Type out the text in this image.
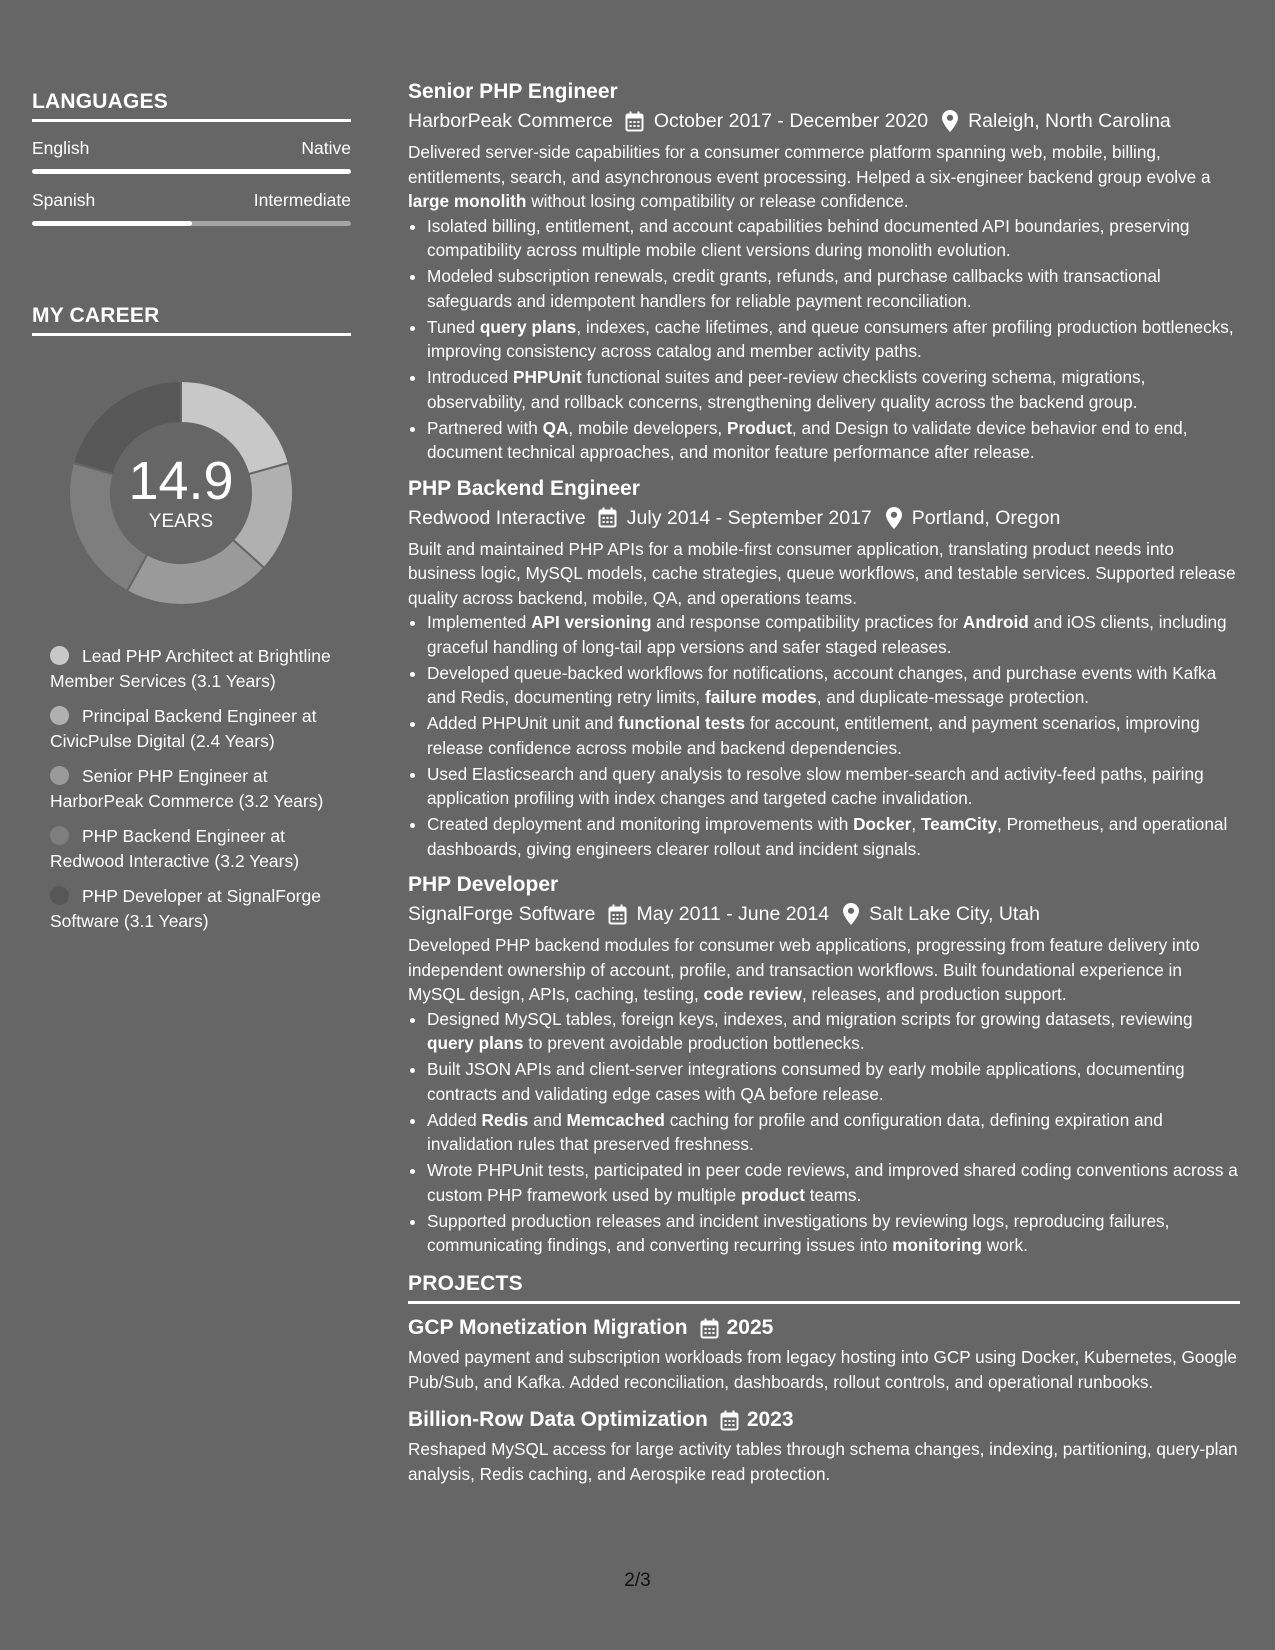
LANGUAGES
English	Native
Spanish	Intermediate
MY CAREER
14.9
YEARS
Lead PHP Architect at Brightline Member Services (3.1 Years)
Principal Backend Engineer at CivicPulse Digital (2.4 Years)
Senior PHP Engineer at HarborPeak Commerce (3.2 Years)
PHP Backend Engineer at Redwood Interactive (3.2 Years)
PHP Developer at SignalForge Software (3.1 Years)
Senior PHP Engineer
HarborPeak Commerce October 2017 - December 2020 Raleigh, North Carolina

Delivered server-side capabilities for a consumer commerce platform spanning web, mobile, billing, entitlements, search, and asynchronous event processing. Helped a six-engineer backend group evolve a large monolith without losing compatibility or release confidence.

• Isolated billing, entitlement, and account capabilities behind documented API boundaries, preserving compatibility across multiple mobile client versions during monolith evolution.
• Modeled subscription renewals, credit grants, refunds, and purchase callbacks with transactional safeguards and idempotent handlers for reliable payment reconciliation.
• Tuned query plans, indexes, cache lifetimes, and queue consumers after profiling production bottlenecks, improving consistency across catalog and member activity paths.
• Introduced PHPUnit functional suites and peer-review checklists covering schema, migrations, observability, and rollback concerns, strengthening delivery quality across the backend group.
• Partnered with QA, mobile developers, Product, and Design to validate device behavior end to end, document technical approaches, and monitor feature performance after release.
PHP Backend Engineer
Redwood Interactive July 2014 - September 2017 Portland, Oregon

Built and maintained PHP APIs for a mobile-first consumer application, translating product needs into business logic, MySQL models, cache strategies, queue workflows, and testable services. Supported release quality across backend, mobile, QA, and operations teams.

• Implemented API versioning and response compatibility practices for Android and iOS clients, including graceful handling of long-tail app versions and safer staged releases.
• Developed queue-backed workflows for notifications, account changes, and purchase events with Kafka and Redis, documenting retry limits, failure modes, and duplicate-message protection.
• Added PHPUnit unit and functional tests for account, entitlement, and payment scenarios, improving release confidence across mobile and backend dependencies.
• Used Elasticsearch and query analysis to resolve slow member-search and activity-feed paths, pairing application profiling with index changes and targeted cache invalidation.
• Created deployment and monitoring improvements with Docker, TeamCity, Prometheus, and operational dashboards, giving engineers clearer rollout and incident signals.
PHP Developer
SignalForge Software May 2011 - June 2014 Salt Lake City, Utah

Developed PHP backend modules for consumer web applications, progressing from feature delivery into independent ownership of account, profile, and transaction workflows. Built foundational experience in MySQL design, APIs, caching, testing, code review, releases, and production support.

• Designed MySQL tables, foreign keys, indexes, and migration scripts for growing datasets, reviewing query plans to prevent avoidable production bottlenecks.
• Built JSON APIs and client-server integrations consumed by early mobile applications, documenting contracts and validating edge cases with QA before release.
• Added Redis and Memcached caching for profile and configuration data, defining expiration and invalidation rules that preserved freshness.
• Wrote PHPUnit tests, participated in peer code reviews, and improved shared coding conventions across a custom PHP framework used by multiple product teams.
• Supported production releases and incident investigations by reviewing logs, reproducing failures, communicating findings, and converting recurring issues into monitoring work.
PROJECTS
GCP Monetization Migration 2025

Moved payment and subscription workloads from legacy hosting into GCP using Docker, Kubernetes, Google Pub/Sub, and Kafka. Added reconciliation, dashboards, rollout controls, and operational runbooks.

Billion-Row Data Optimization 2023

Reshaped MySQL access for large activity tables through schema changes, indexing, partitioning, query-plan analysis, Redis caching, and Aerospike read protection.

2/3
